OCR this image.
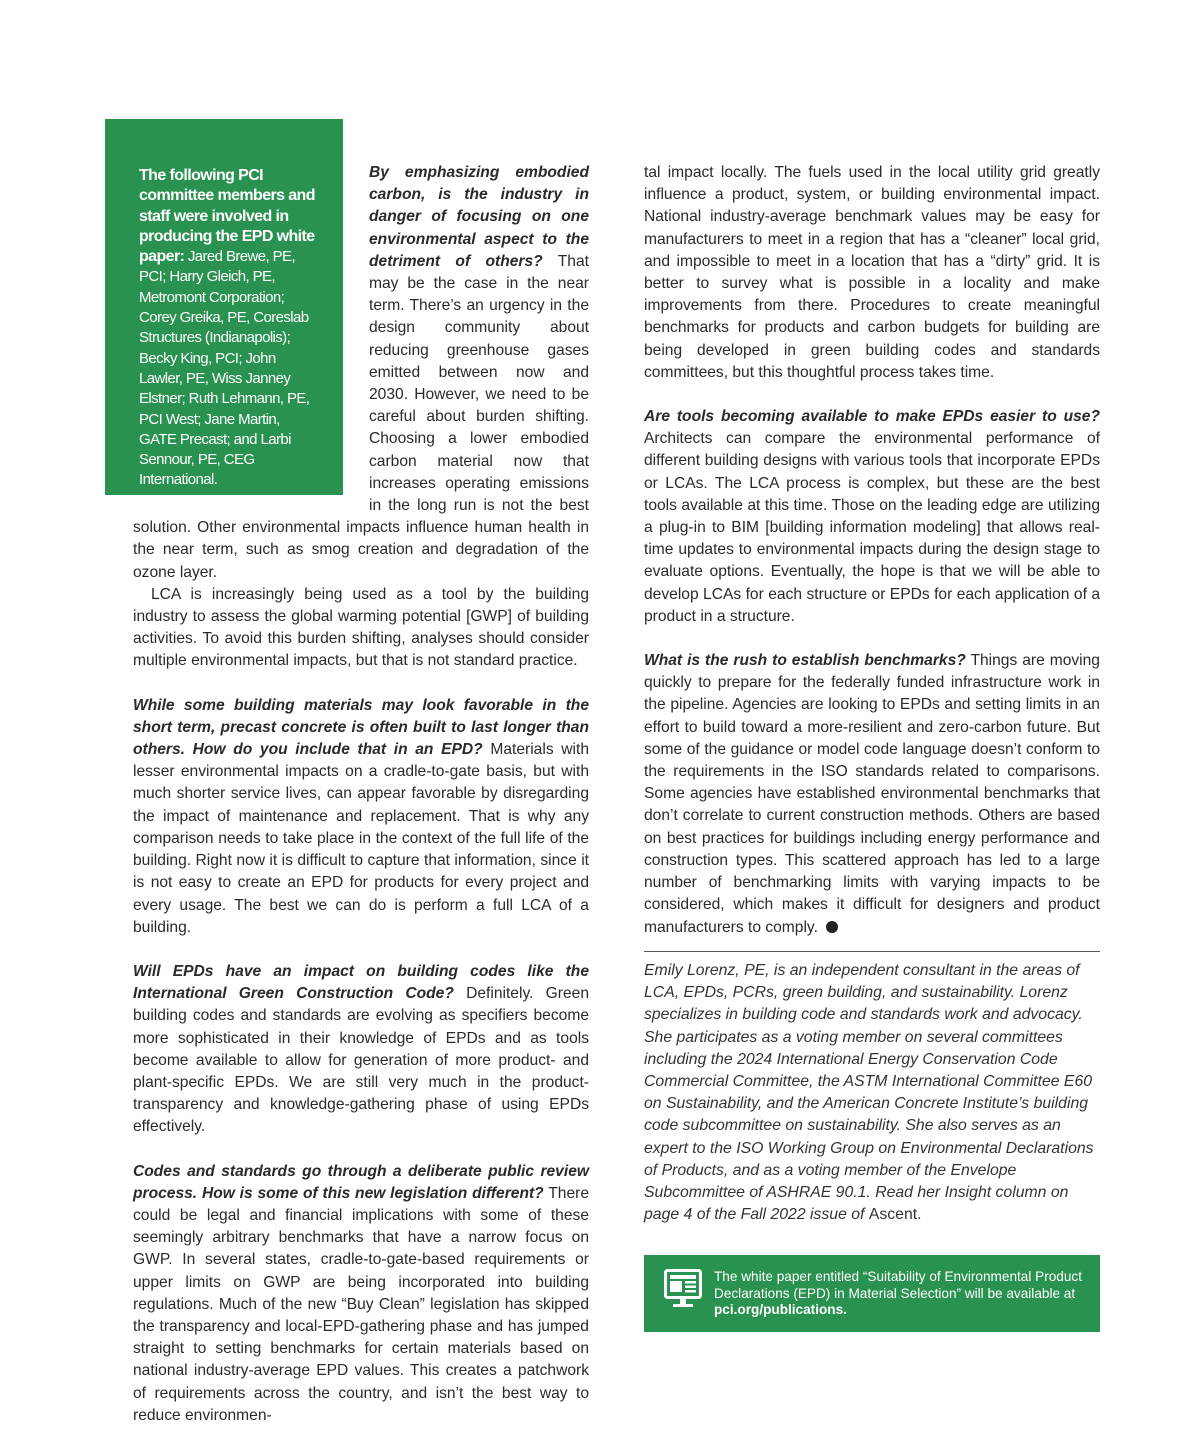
The following PCI committee members and staff were involved in producing the EPD white paper: Jared Brewe, PE, PCI; Harry Gleich, PE, Metromont Corporation; Corey Greika, PE, Coreslab Structures (Indianapolis); Becky King, PCI; John Lawler, PE, Wiss Janney Elstner; Ruth Lehmann, PE, PCI West; Jane Martin, GATE Precast; and Larbi Sennour, PE, CEG International.

By emphasizing embodied carbon, is the industry in danger of focusing on one environmental aspect to the detriment of others? That may be the case in the near term. There’s an urgency in the design community about reducing greenhouse gases emitted between now and 2030. However, we need to be careful about burden shifting. Choosing a lower embodied carbon material now that increases operating emissions in the long run is not the best solution. Other environmental impacts influence human health in the near term, such as smog creation and degradation of the ozone layer.

LCA is increasingly being used as a tool by the building industry to assess the global warming potential [GWP] of building activities. To avoid this burden shifting, analyses should consider multiple environmental impacts, but that is not standard practice.

While some building materials may look favorable in the short term, precast concrete is often built to last longer than others. How do you include that in an EPD? Materials with lesser environmental impacts on a cradle-to-gate basis, but with much shorter service lives, can appear favorable by disregarding the impact of maintenance and replacement. That is why any comparison needs to take place in the context of the full life of the building. Right now it is difficult to capture that information, since it is not easy to create an EPD for products for every project and every usage. The best we can do is perform a full LCA of a building.

Will EPDs have an impact on building codes like the International Green Construction Code? Definitely. Green building codes and standards are evolving as specifiers become more sophisticated in their knowledge of EPDs and as tools become available to allow for generation of more product- and plant-specific EPDs. We are still very much in the product-transparency and knowledge-gathering phase of using EPDs effectively.

Codes and standards go through a deliberate public review process. How is some of this new legislation different? There could be legal and financial implications with some of these seemingly arbitrary benchmarks that have a narrow focus on GWP. In several states, cradle-to-gate-based requirements or upper limits on GWP are being incorporated into building regulations. Much of the new “Buy Clean” legislation has skipped the transparency and local-EPD-gathering phase and has jumped straight to setting benchmarks for certain materials based on national industry-average EPD values. This creates a patchwork of requirements across the country, and isn’t the best way to reduce environmen-

tal impact locally. The fuels used in the local utility grid greatly influence a product, system, or building environmental impact. National industry-average benchmark values may be easy for manufacturers to meet in a region that has a “cleaner” local grid, and impossible to meet in a location that has a “dirty” grid. It is better to survey what is possible in a locality and make improvements from there. Procedures to create meaningful benchmarks for products and carbon budgets for building are being developed in green building codes and standards committees, but this thoughtful process takes time.

Are tools becoming available to make EPDs easier to use? Architects can compare the environmental performance of different building designs with various tools that incorporate EPDs or LCAs. The LCA process is complex, but these are the best tools available at this time. Those on the leading edge are utilizing a plug-in to BIM [building information modeling] that allows real-time updates to environmental impacts during the design stage to evaluate options. Eventually, the hope is that we will be able to develop LCAs for each structure or EPDs for each application of a product in a structure.

What is the rush to establish benchmarks? Things are moving quickly to prepare for the federally funded infrastructure work in the pipeline. Agencies are looking to EPDs and setting limits in an effort to build toward a more-resilient and zero-carbon future. But some of the guidance or model code language doesn’t conform to the requirements in the ISO standards related to comparisons. Some agencies have established environmental benchmarks that don’t correlate to current construction methods. Others are based on best practices for buildings including energy performance and construction types. This scattered approach has led to a large number of benchmarking limits with varying impacts to be considered, which makes it difficult for designers and product manufacturers to comply.

Emily Lorenz, PE, is an independent consultant in the areas of LCA, EPDs, PCRs, green building, and sustainability. Lorenz specializes in building code and standards work and advocacy. She participates as a voting member on several committees including the 2024 International Energy Conservation Code Commercial Committee, the ASTM International Committee E60 on Sustainability, and the American Concrete Institute’s building code subcommittee on sustainability. She also serves as an expert to the ISO Working Group on Environmental Declarations of Products, and as a voting member of the Envelope Subcommittee of ASHRAE 90.1. Read her Insight column on page 4 of the Fall 2022 issue of Ascent.
The white paper entitled “Suitability of Environmental Product Declarations (EPD) in Material Selection” will be available at pci.org/publications.
